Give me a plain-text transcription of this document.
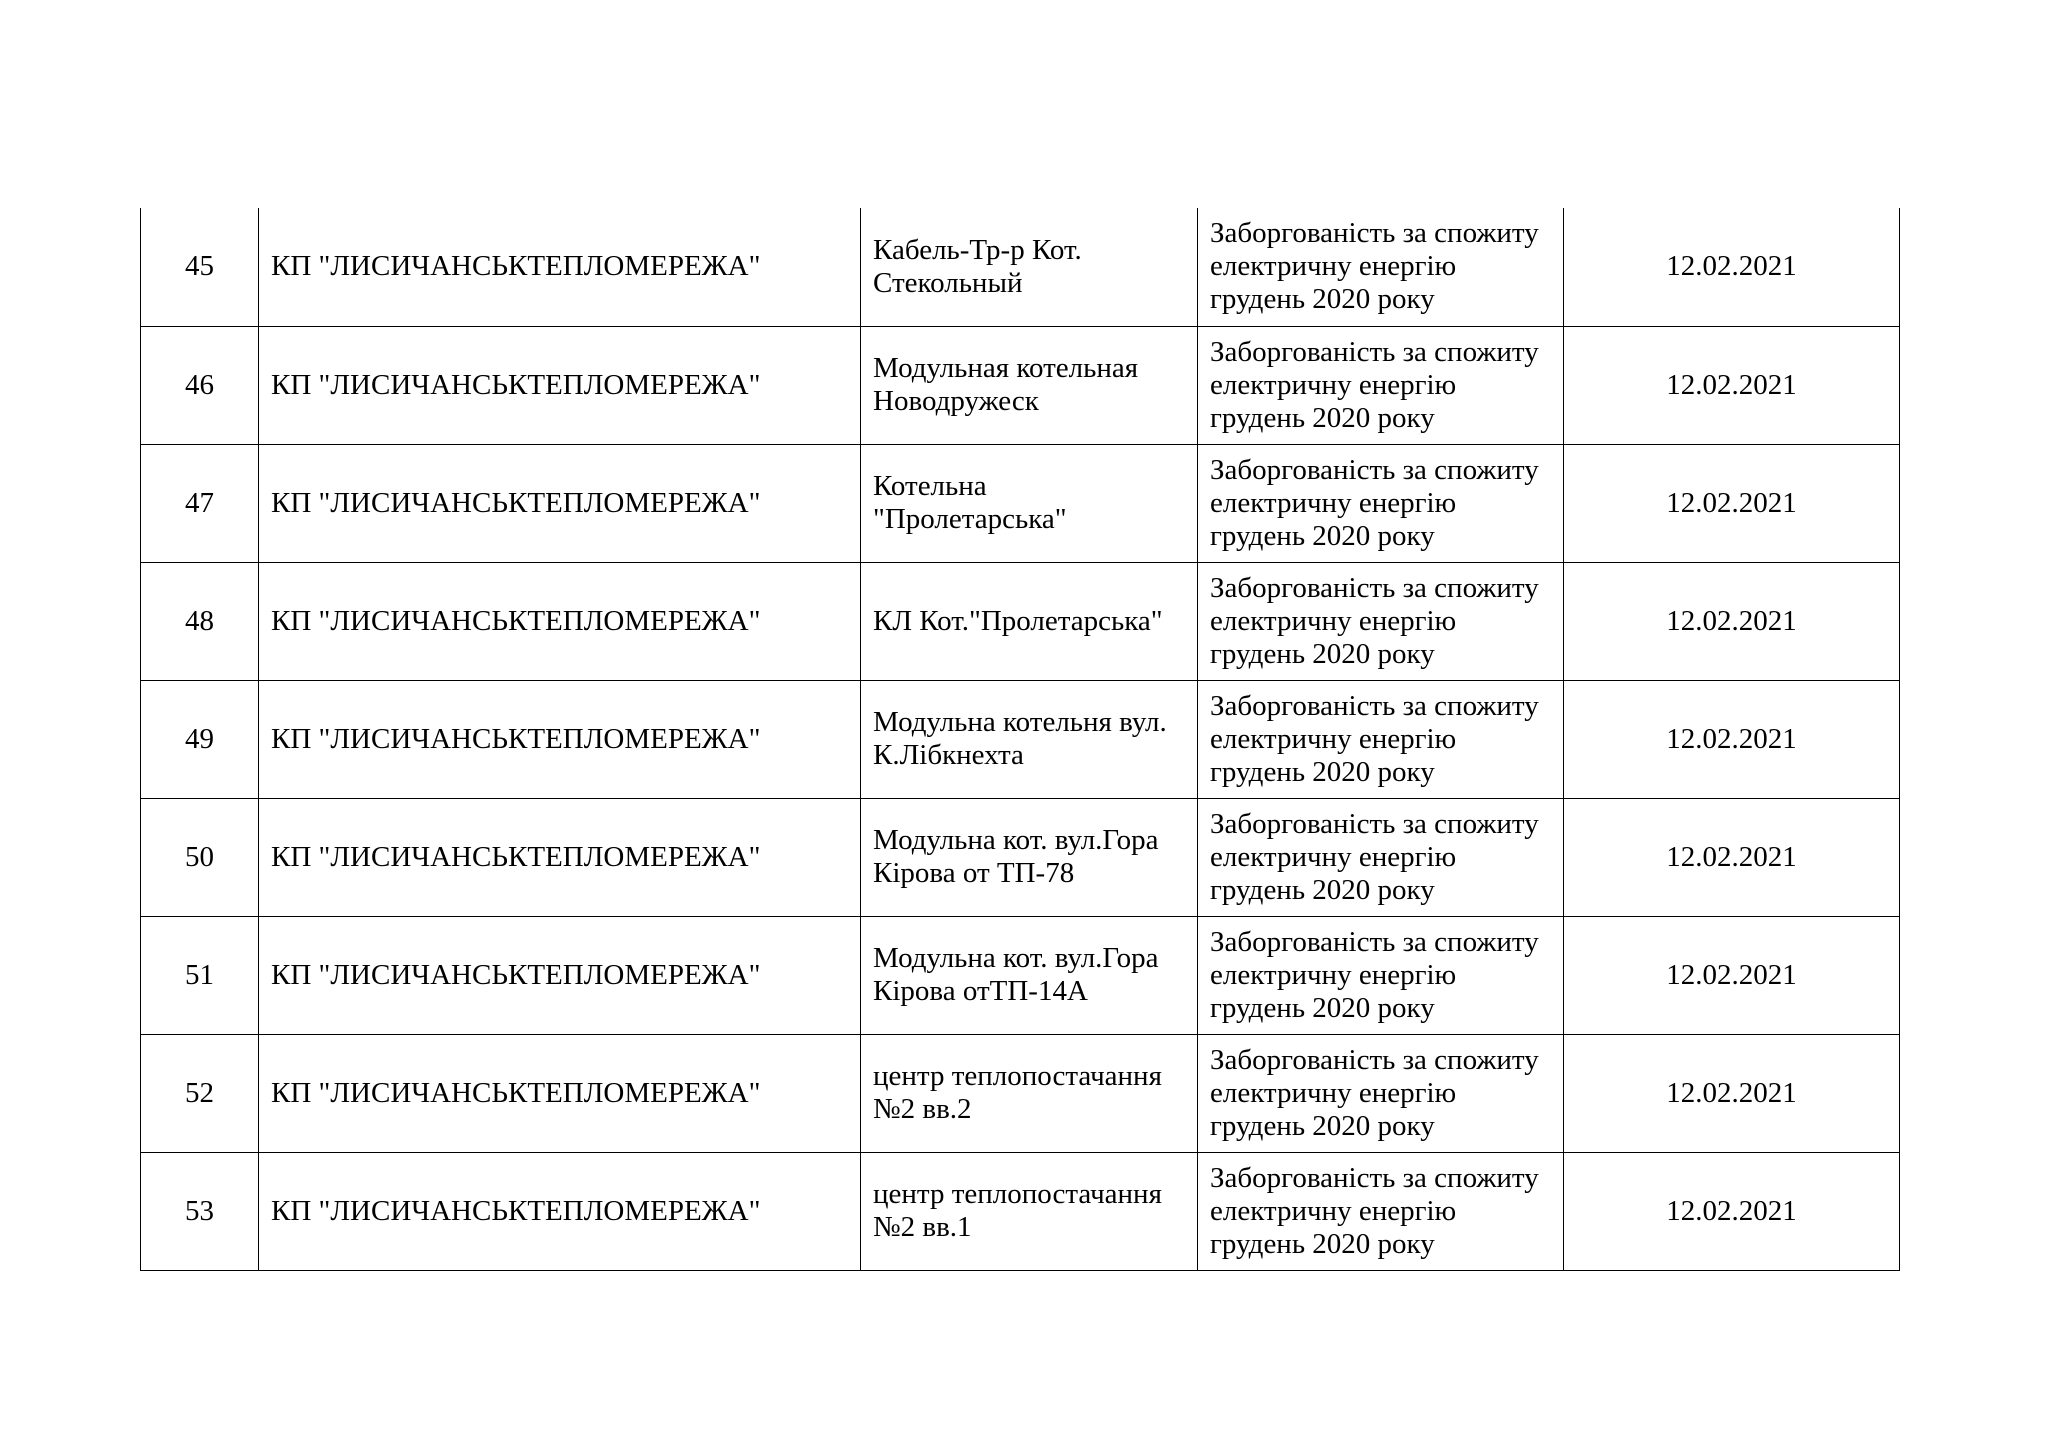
45	КП "ЛИСИЧАНСЬКТЕПЛОМЕРЕЖА"	Кабель-Тр-р Кот.
Стекольный	Заборгованість за спожиту електричну енергію грудень 2020 року	12.02.2021

46	КП "ЛИСИЧАНСЬКТЕПЛОМЕРЕЖА"	Модульная котельная
Новодружеск	Заборгованість за спожиту електричну енергію грудень 2020 року	12.02.2021

47	КП "ЛИСИЧАНСЬКТЕПЛОМЕРЕЖА"	Котельна
"Пролетарська"	Заборгованість за спожиту електричну енергію грудень 2020 року	12.02.2021

48	КП "ЛИСИЧАНСЬКТЕПЛОМЕРЕЖА"	КЛ Кот."Пролетарська"	Заборгованість за спожиту електричну енергію грудень 2020 року	12.02.2021

49	КП "ЛИСИЧАНСЬКТЕПЛОМЕРЕЖА"	Модульна котельня вул.
К.Лібкнехта	Заборгованість за спожиту електричну енергію грудень 2020 року	12.02.2021

50	КП "ЛИСИЧАНСЬКТЕПЛОМЕРЕЖА"	Модульна кот. вул.Гора
Кірова от ТП-78	Заборгованість за спожиту електричну енергію грудень 2020 року	12.02.2021

51	КП "ЛИСИЧАНСЬКТЕПЛОМЕРЕЖА"	Модульна кот. вул.Гора
Кірова отТП-14А	Заборгованість за спожиту електричну енергію грудень 2020 року	12.02.2021

52	КП "ЛИСИЧАНСЬКТЕПЛОМЕРЕЖА"	центр теплопостачання
№2 вв.2	Заборгованість за спожиту електричну енергію грудень 2020 року	12.02.2021

53	КП "ЛИСИЧАНСЬКТЕПЛОМЕРЕЖА"	центр теплопостачання
№2 вв.1	Заборгованість за спожиту електричну енергію грудень 2020 року	12.02.2021
